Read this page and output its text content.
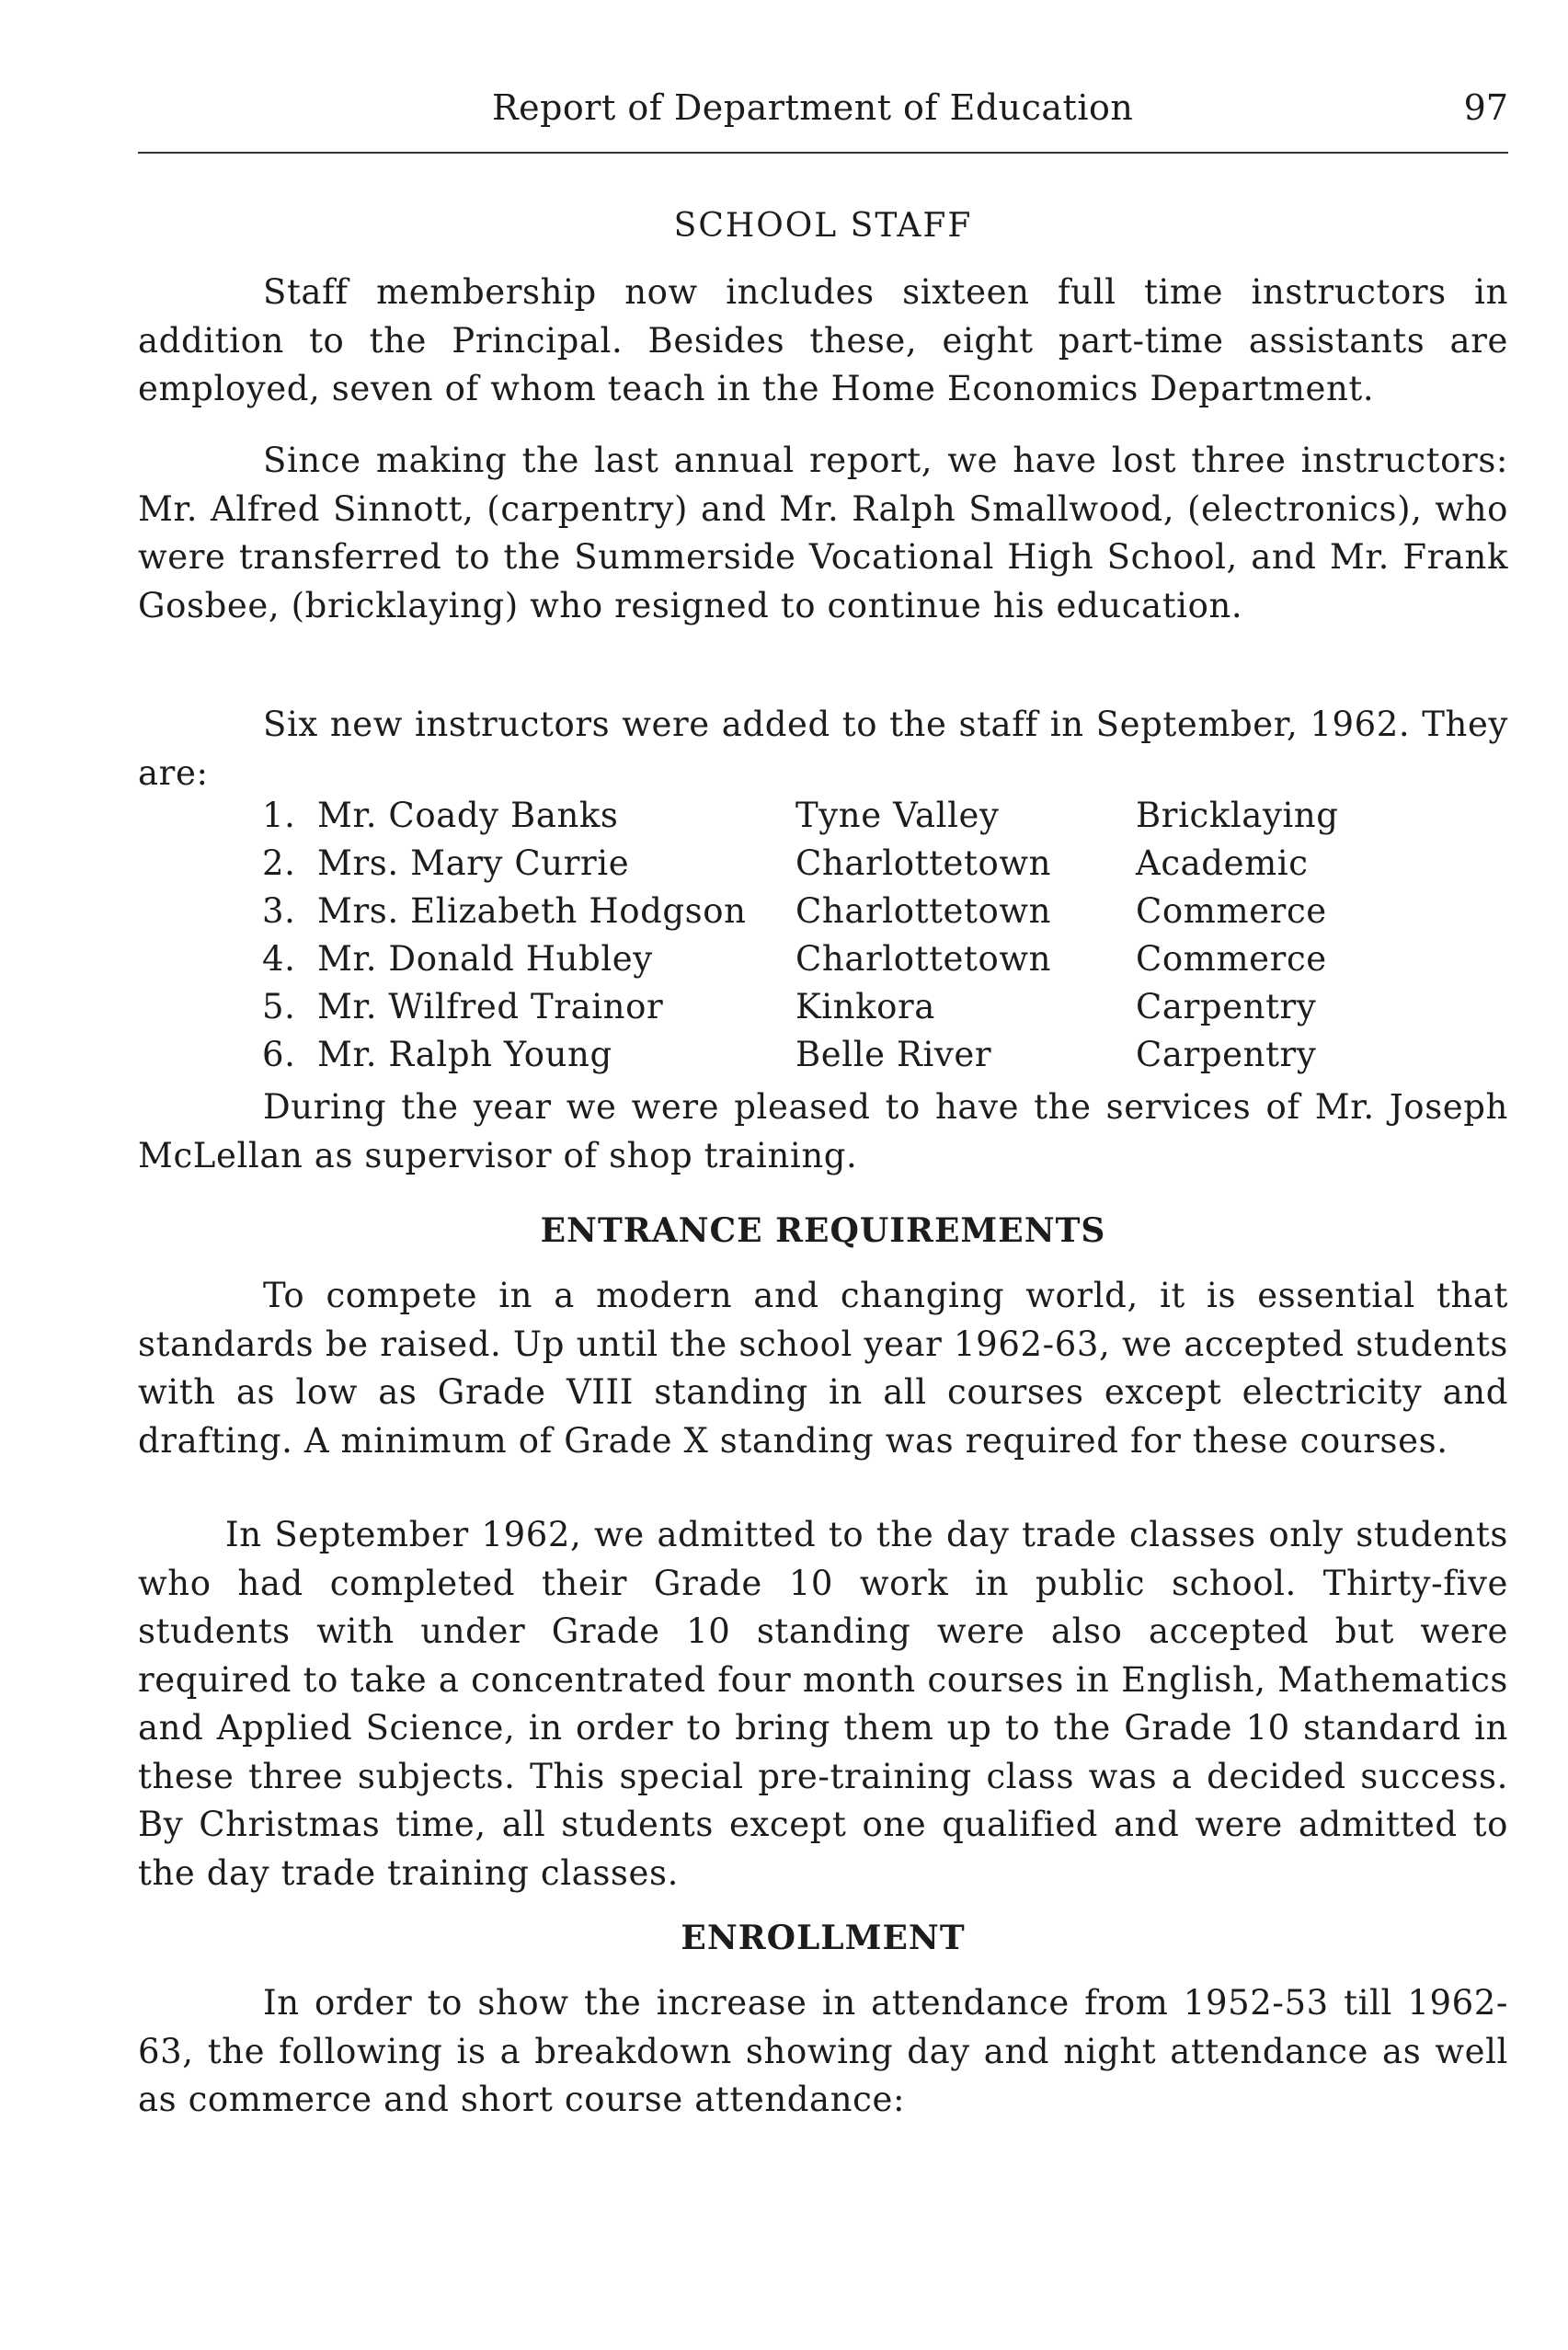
Report of Department of Education	97
SCHOOL STAFF

Staff membership now includes sixteen full time instructors in addition to the Principal. Besides these, eight part-time assistants are employed, seven of whom teach in the Home Economics Department.

Since making the last annual report, we have lost three instructors: Mr. Alfred Sinnott, (carpentry) and Mr. Ralph Smallwood, (electronics), who were transferred to the Summerside Vocational High School, and Mr. Frank Gosbee, (bricklaying) who resigned to continue his education.

Six new instructors were added to the staff in September, 1962. They are:

1.	Mr. Coady Banks	Tyne Valley	Bricklaying
2.	Mrs. Mary Currie	Charlottetown	Academic
3.	Mrs. Elizabeth Hodgson	Charlottetown	Commerce
4.	Mr. Donald Hubley	Charlottetown	Commerce
5.	Mr. Wilfred Trainor	Kinkora	Carpentry
6.	Mr. Ralph Young	Belle River	Carpentry

During the year we were pleased to have the services of Mr. Joseph McLellan as supervisor of shop training.

ENTRANCE REQUIREMENTS

To compete in a modern and changing world, it is essential that standards be raised. Up until the school year 1962-63, we accepted students with as low as Grade VIII standing in all courses except electricity and drafting. A minimum of Grade X standing was required for these courses.

In September 1962, we admitted to the day trade classes only students who had completed their Grade 10 work in public school. Thirty-five students with under Grade 10 standing were also accepted but were required to take a concentrated four month courses in English, Mathematics and Applied Science, in order to bring them up to the Grade 10 standard in these three subjects. This special pre-training class was a decided success. By Christmas time, all students except one qualified and were admitted to the day trade training classes.

ENROLLMENT

In order to show the increase in attendance from 1952-53 till 1962-63, the following is a breakdown showing day and night attendance as well as commerce and short course attendance:
